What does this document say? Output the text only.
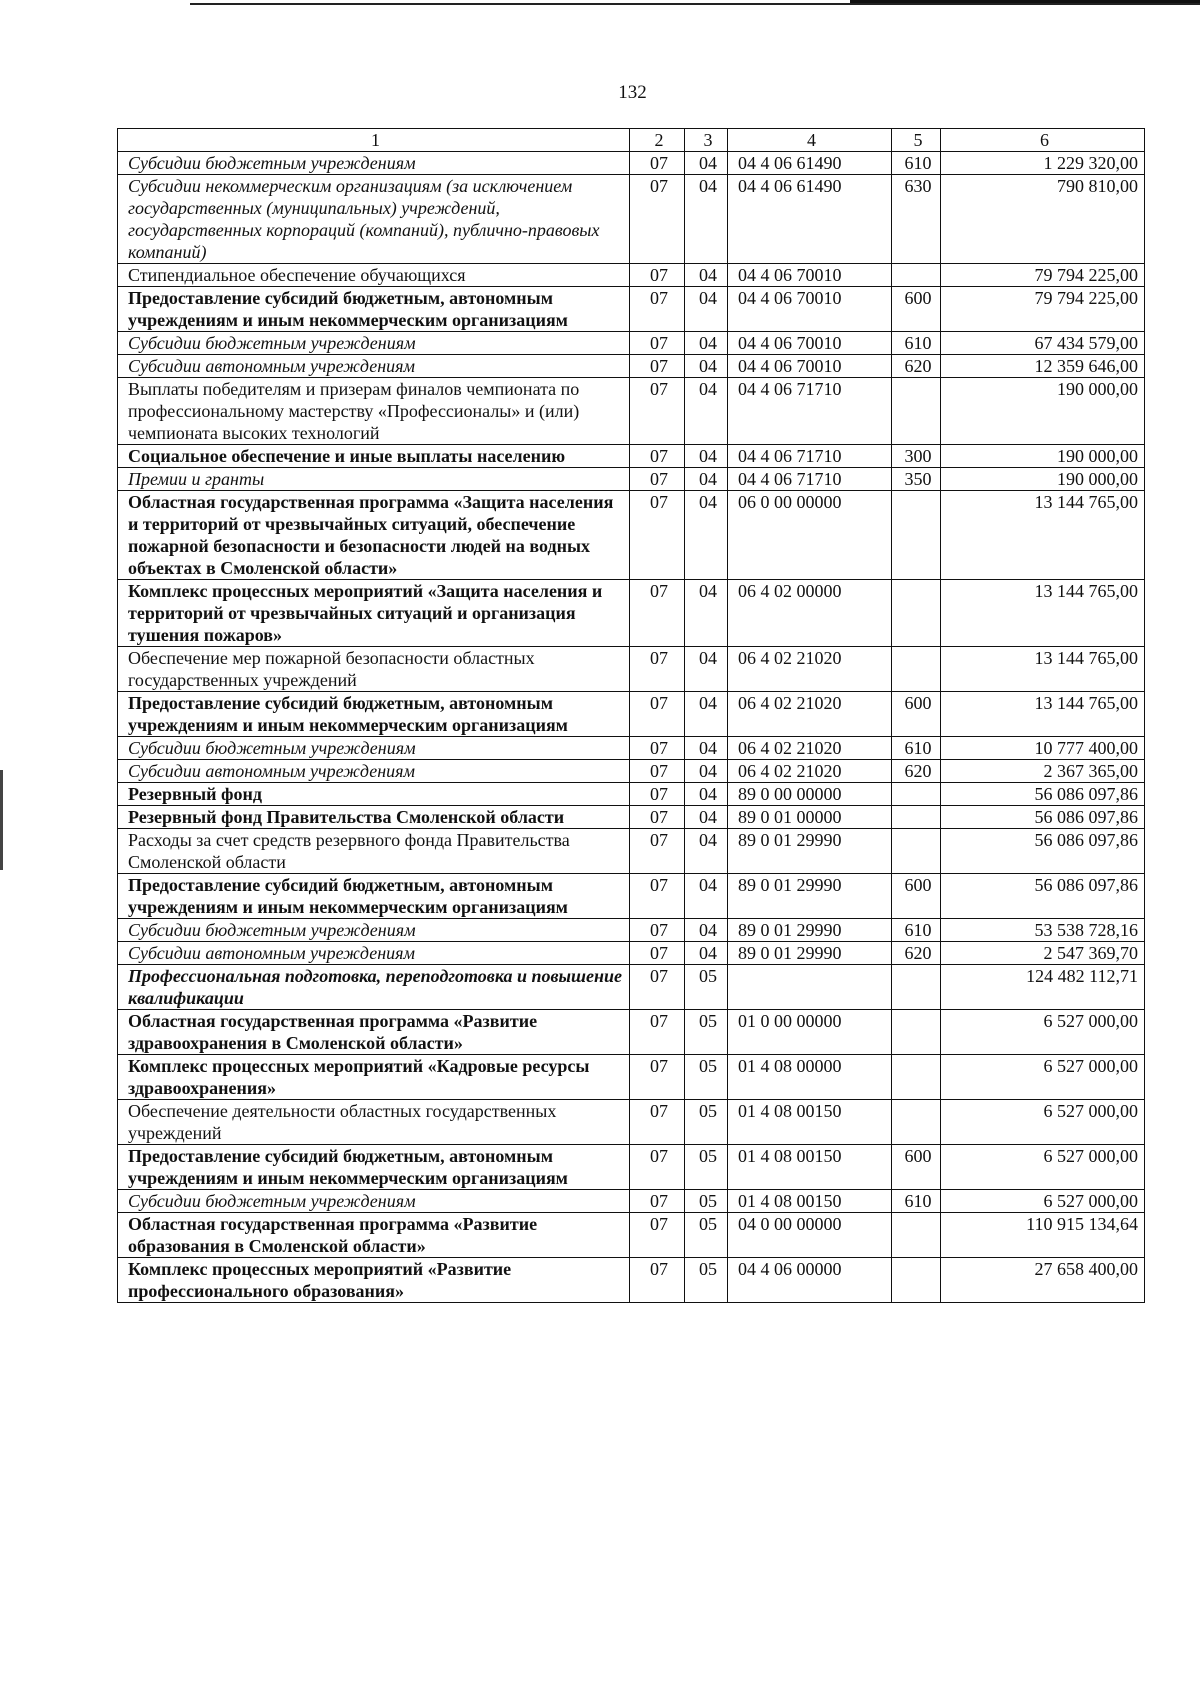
132
1	2	3	4	5	6
Субсидии бюджетным учреждениям	07	04	04 4 06 61490	610	1 229 320,00
Субсидии некоммерческим организациям (за исключением государственных (муниципальных) учреждений, государственных корпораций (компаний), публично-правовых компаний)	07	04	04 4 06 61490	630	790 810,00
Стипендиальное обеспечение обучающихся	07	04	04 4 06 70010		79 794 225,00
Предоставление субсидий бюджетным, автономным учреждениям и иным некоммерческим организациям	07	04	04 4 06 70010	600	79 794 225,00
Субсидии бюджетным учреждениям	07	04	04 4 06 70010	610	67 434 579,00
Субсидии автономным учреждениям	07	04	04 4 06 70010	620	12 359 646,00
Выплаты победителям и призерам финалов чемпионата по профессиональному мастерству «Профессионалы» и (или) чемпионата высоких технологий	07	04	04 4 06 71710		190 000,00
Социальное обеспечение и иные выплаты населению	07	04	04 4 06 71710	300	190 000,00
Премии и гранты	07	04	04 4 06 71710	350	190 000,00
Областная государственная программа «Защита населения и территорий от чрезвычайных ситуаций, обеспечение пожарной безопасности и безопасности людей на водных объектах в Смоленской области»	07	04	06 0 00 00000		13 144 765,00
Комплекс процессных мероприятий «Защита населения и территорий от чрезвычайных ситуаций и организация тушения пожаров»	07	04	06 4 02 00000		13 144 765,00
Обеспечение мер пожарной безопасности областных государственных учреждений	07	04	06 4 02 21020		13 144 765,00
Предоставление субсидий бюджетным, автономным учреждениям и иным некоммерческим организациям	07	04	06 4 02 21020	600	13 144 765,00
Субсидии бюджетным учреждениям	07	04	06 4 02 21020	610	10 777 400,00
Субсидии автономным учреждениям	07	04	06 4 02 21020	620	2 367 365,00
Резервный фонд	07	04	89 0 00 00000		56 086 097,86
Резервный фонд Правительства Смоленской области	07	04	89 0 01 00000		56 086 097,86
Расходы за счет средств резервного фонда Правительства Смоленской области	07	04	89 0 01 29990		56 086 097,86
Предоставление субсидий бюджетным, автономным учреждениям и иным некоммерческим организациям	07	04	89 0 01 29990	600	56 086 097,86
Субсидии бюджетным учреждениям	07	04	89 0 01 29990	610	53 538 728,16
Субсидии автономным учреждениям	07	04	89 0 01 29990	620	2 547 369,70
Профессиональная подготовка, переподготовка и повышение квалификации	07	05			124 482 112,71
Областная государственная программа «Развитие здравоохранения в Смоленской области»	07	05	01 0 00 00000		6 527 000,00
Комплекс процессных мероприятий «Кадровые ресурсы здравоохранения»	07	05	01 4 08 00000		6 527 000,00
Обеспечение деятельности областных государственных учреждений	07	05	01 4 08 00150		6 527 000,00
Предоставление субсидий бюджетным, автономным учреждениям и иным некоммерческим организациям	07	05	01 4 08 00150	600	6 527 000,00
Субсидии бюджетным учреждениям	07	05	01 4 08 00150	610	6 527 000,00
Областная государственная программа «Развитие образования в Смоленской области»	07	05	04 0 00 00000		110 915 134,64
Комплекс процессных мероприятий «Развитие профессионального образования»	07	05	04 4 06 00000		27 658 400,00
